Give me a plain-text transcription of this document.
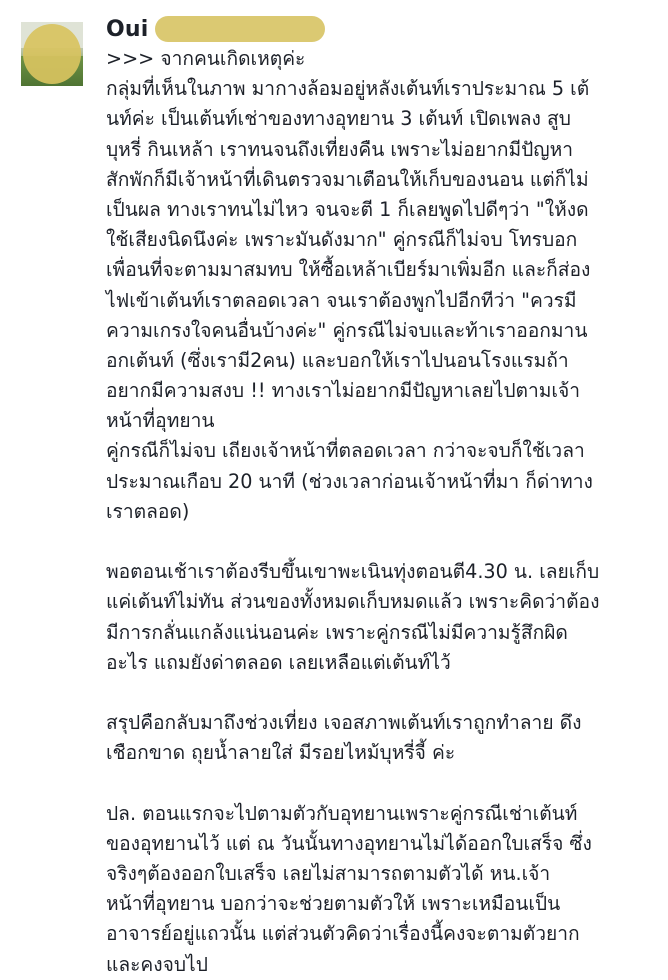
Oui
>>> จากคนเกิดเหตุค่ะ
กลุ่มที่เห็นในภาพ มากางล้อมอยู่หลังเต้นท์เราประมาณ 5 เต้
นท์ค่ะ เป็นเต้นท์เช่าของทางอุทยาน 3 เต้นท์ เปิดเพลง สูบ
บุหรี่ กินเหล้า เราทนจนถึงเที่ยงคืน เพราะไม่อยากมีปัญหา
สักพักก็มีเจ้าหน้าที่เดินตรวจมาเตือนให้เก็บของนอน แต่ก็ไม่
เป็นผล ทางเราทนไม่ไหว จนจะตี 1 ก็เลยพูดไปดีๆว่า "ให้งด
ใช้เสียงนิดนึงค่ะ เพราะมันดังมาก" คู่กรณีก็ไม่จบ โทรบอก
เพื่อนที่จะตามมาสมทบ ให้ซื้อเหล้าเบียร์มาเพิ่มอีก และก็ส่อง
ไฟเข้าเต้นท์เราตลอดเวลา จนเราต้องพูกไปอีกทีว่า "ควรมี
ความเกรงใจคนอื่นบ้างค่ะ" คู่กรณีไม่จบและท้าเราออกมาน
อกเต้นท์ (ซึ่งเรามี2คน) และบอกให้เราไปนอนโรงแรมถ้า
อยากมีความสงบ !! ทางเราไม่อยากมีปัญหาเลยไปตามเจ้า
หน้าที่อุทยาน
คู่กรณีก็ไม่จบ เถียงเจ้าหน้าที่ตลอดเวลา กว่าจะจบก็ใช้เวลา
ประมาณเกือบ 20 นาที (ช่วงเวลาก่อนเจ้าหน้าที่มา ก็ด่าทาง
เราตลอด)
พอตอนเช้าเราต้องรีบขึ้นเขาพะเนินทุ่งตอนตี4.30 น. เลยเก็บ
แค่เต้นท์ไม่ทัน ส่วนของทั้งหมดเก็บหมดแล้ว เพราะคิดว่าต้อง
มีการกลั่นแกล้งแน่นอนค่ะ เพราะคู่กรณีไม่มีความรู้สึกผิด
อะไร แถมยังด่าตลอด เลยเหลือแต่เต้นท์ไว้
สรุปคือกลับมาถึงช่วงเที่ยง เจอสภาพเต้นท์เราถูกทำลาย ดึง
เชือกขาด ถุยน้ำลายใส่ มีรอยไหม้บุหรี่จี้ ค่ะ
ปล. ตอนแรกจะไปตามตัวกับอุทยานเพราะคู่กรณีเช่าเต้นท์
ของอุทยานไว้ แต่ ณ วันนั้นทางอุทยานไม่ได้ออกใบเสร็จ ซึ่ง
จริงๆต้องออกใบเสร็จ เลยไม่สามารถตามตัวได้ หน.เจ้า
หน้าที่อุทยาน บอกว่าจะช่วยตามตัวให้ เพราะเหมือนเป็น
อาจารย์อยู่แถวนั้น แต่ส่วนตัวคิดว่าเรื่องนี้คงจะตามตัวยาก
และคงจบไป
